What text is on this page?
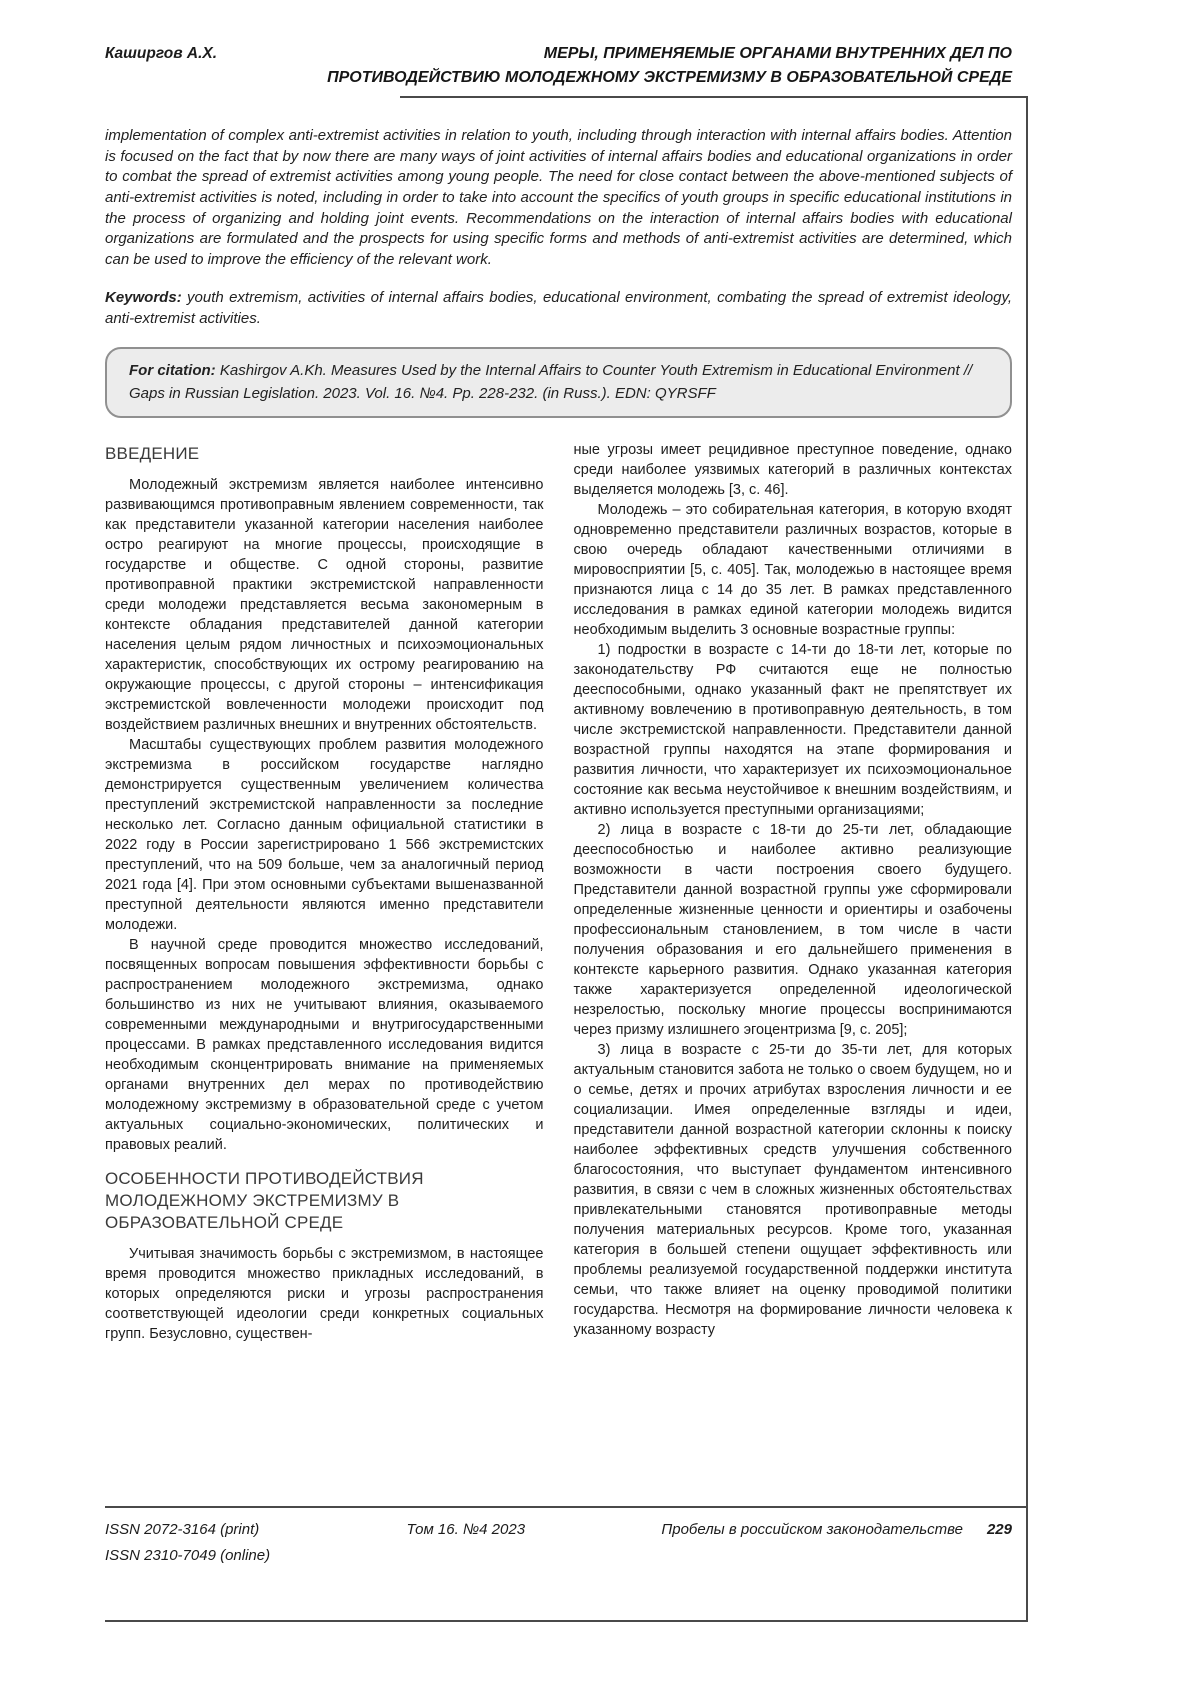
Каширгов А.Х.	МЕРЫ, ПРИМЕНЯЕМЫЕ ОРГАНАМИ ВНУТРЕННИХ ДЕЛ ПО
ПРОТИВОДЕЙСТВИЮ МОЛОДЕЖНОМУ ЭКСТРЕМИЗМУ В ОБРАЗОВАТЕЛЬНОЙ СРЕДЕ

implementation of complex anti-extremist activities in relation to youth, including through interaction with internal affairs bodies. Attention is focused on the fact that by now there are many ways of joint activities of internal affairs bodies and educational organizations in order to combat the spread of extremist activities among young people. The need for close contact between the above-mentioned subjects of anti-extremist activities is noted, including in order to take into account the specifics of youth groups in specific educational institutions in the process of organizing and holding joint events. Recommendations on the interaction of internal affairs bodies with educational organizations are formulated and the prospects for using specific forms and methods of anti-extremist activities are determined, which can be used to improve the efficiency of the relevant work.

Keywords: youth extremism, activities of internal affairs bodies, educational environment, combating the spread of extremist ideology, anti-extremist activities.

For citation: Kashirgov A.Kh. Measures Used by the Internal Affairs to Counter Youth Extremism in Educational Environment // Gaps in Russian Legislation. 2023. Vol. 16. №4. Pp. 228-232. (in Russ.). EDN: QYRSFF
ВВЕДЕНИЕ

Молодежный экстремизм является наиболее интенсивно развивающимся противоправным явлением современности, так как представители указанной категории населения наиболее остро реагируют на многие процессы, происходящие в государстве и обществе. С одной стороны, развитие противоправной практики экстремистской направленности среди молодежи представляется весьма закономерным в контексте обладания представителей данной категории населения целым рядом личностных и психоэмоциональных характеристик, способствующих их острому реагированию на окружающие процессы, с другой стороны – интенсификация экстремистской вовлеченности молодежи происходит под воздействием различных внешних и внутренних обстоятельств.

Масштабы существующих проблем развития молодежного экстремизма в российском государстве наглядно демонстрируется существенным увеличением количества преступлений экстремистской направленности за последние несколько лет. Согласно данным официальной статистики в 2022 году в России зарегистрировано 1 566 экстремистских преступлений, что на 509 больше, чем за аналогичный период 2021 года [4]. При этом основными субъектами вышеназванной преступной деятельности являются именно представители молодежи.

В научной среде проводится множество исследований, посвященных вопросам повышения эффективности борьбы с распространением молодежного экстремизма, однако большинство из них не учитывают влияния, оказываемого современными международными и внутригосударственными процессами. В рамках представленного исследования видится необходимым сконцентрировать внимание на применяемых органами внутренних дел мерах по противодействию молодежному экстремизму в образовательной среде с учетом актуальных социально-экономических, политических и правовых реалий.

ОСОБЕННОСТИ ПРОТИВОДЕЙСТВИЯ МОЛОДЕЖНОМУ ЭКСТРЕМИЗМУ В ОБРАЗОВАТЕЛЬНОЙ СРЕДЕ

Учитывая значимость борьбы с экстремизмом, в настоящее время проводится множество прикладных исследований, в которых определяются риски и угрозы распространения соответствующей идеологии среди конкретных социальных групп. Безусловно, существен-

ные угрозы имеет рецидивное преступное поведение, однако среди наиболее уязвимых категорий в различных контекстах выделяется молодежь [3, с. 46].

Молодежь – это собирательная категория, в которую входят одновременно представители различных возрастов, которые в свою очередь обладают качественными отличиями в мировосприятии [5, с. 405]. Так, молодежью в настоящее время признаются лица с 14 до 35 лет. В рамках представленного исследования в рамках единой категории молодежь видится необходимым выделить 3 основные возрастные группы:

1) подростки в возрасте с 14-ти до 18-ти лет, которые по законодательству РФ считаются еще не полностью дееспособными, однако указанный факт не препятствует их активному вовлечению в противоправную деятельность, в том числе экстремистской направленности. Представители данной возрастной группы находятся на этапе формирования и развития личности, что характеризует их психоэмоциональное состояние как весьма неустойчивое к внешним воздействиям, и активно используется преступными организациями;

2) лица в возрасте с 18-ти до 25-ти лет, обладающие дееспособностью и наиболее активно реализующие возможности в части построения своего будущего. Представители данной возрастной группы уже сформировали определенные жизненные ценности и ориентиры и озабочены профессиональным становлением, в том числе в части получения образования и его дальнейшего применения в контексте карьерного развития. Однако указанная категория также характеризуется определенной идеологической незрелостью, поскольку многие процессы воспринимаются через призму излишнего эгоцентризма [9, с. 205];

3) лица в возрасте с 25-ти до 35-ти лет, для которых актуальным становится забота не только о своем будущем, но и о семье, детях и прочих атрибутах взросления личности и ее социализации. Имея определенные взгляды и идеи, представители данной возрастной категории склонны к поиску наиболее эффективных средств улучшения собственного благосостояния, что выступает фундаментом интенсивного развития, в связи с чем в сложных жизненных обстоятельствах привлекательными становятся противоправные методы получения материальных ресурсов. Кроме того, указанная категория в большей степени ощущает эффективность или проблемы реализуемой государственной поддержки института семьи, что также влияет на оценку проводимой политики государства. Несмотря на формирование личности человека к указанному возрасту

ISSN 2072-3164 (print)
ISSN 2310-7049 (online)
Том 16. №4 2023	Пробелы в российском законодательстве 229
